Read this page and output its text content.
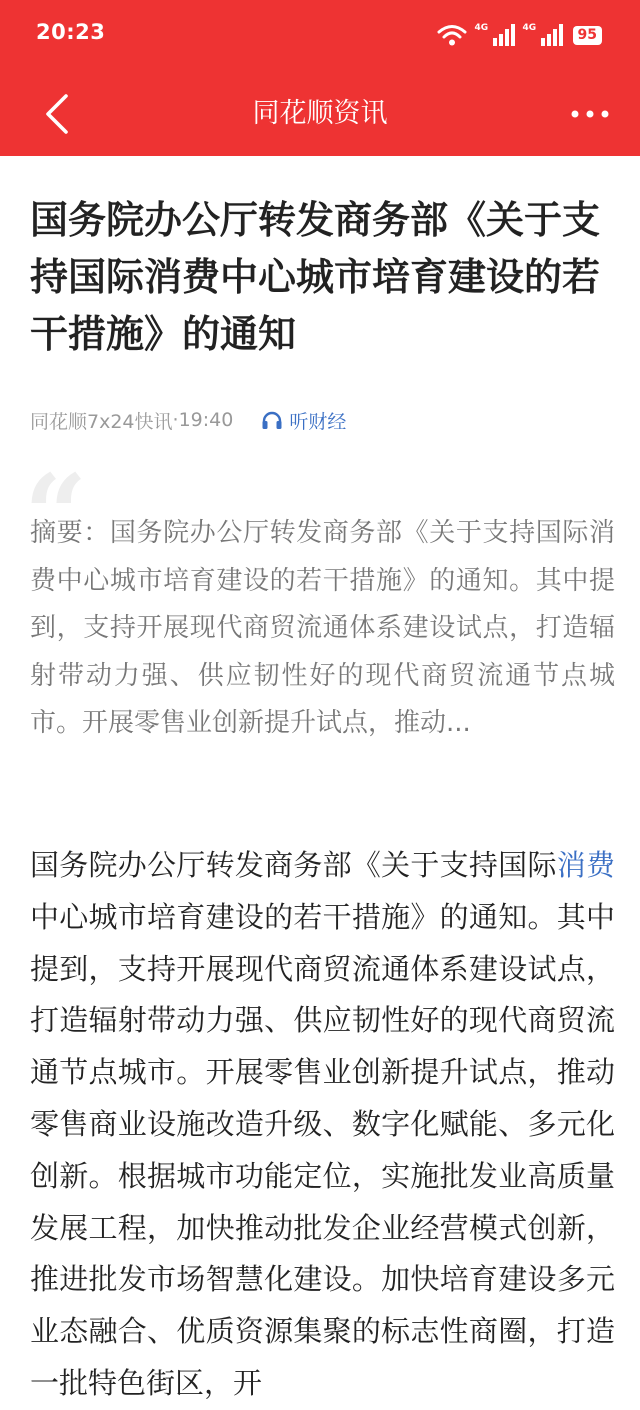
20:23	4G	4G	95
同花顺资讯
国务院办公厅转发商务部《关于支持国际消费中心城市培育建设的若干措施》的通知
同花顺7x24快讯 · 19:40	听财经
“

摘要：国务院办公厅转发商务部《关于支持国际消费中心城市培育建设的若干措施》的通知。其中提到，支持开展现代商贸流通体系建设试点，打造辐射带动力强、供应韧性好的现代商贸流通节点城市。开展零售业创新提升试点，推动...

国务院办公厅转发商务部《关于支持国际消费中心城市培育建设的若干措施》的通知。其中提到，支持开展现代商贸流通体系建设试点，打造辐射带动力强、供应韧性好的现代商贸流通节点城市。开展零售业创新提升试点，推动零售商业设施改造升级、数字化赋能、多元化创新。根据城市功能定位，实施批发业高质量发展工程，加快推动批发企业经营模式创新，推进批发市场智慧化建设。加快培育建设多元业态融合、优质资源集聚的标志性商圈，打造一批特色街区，开
